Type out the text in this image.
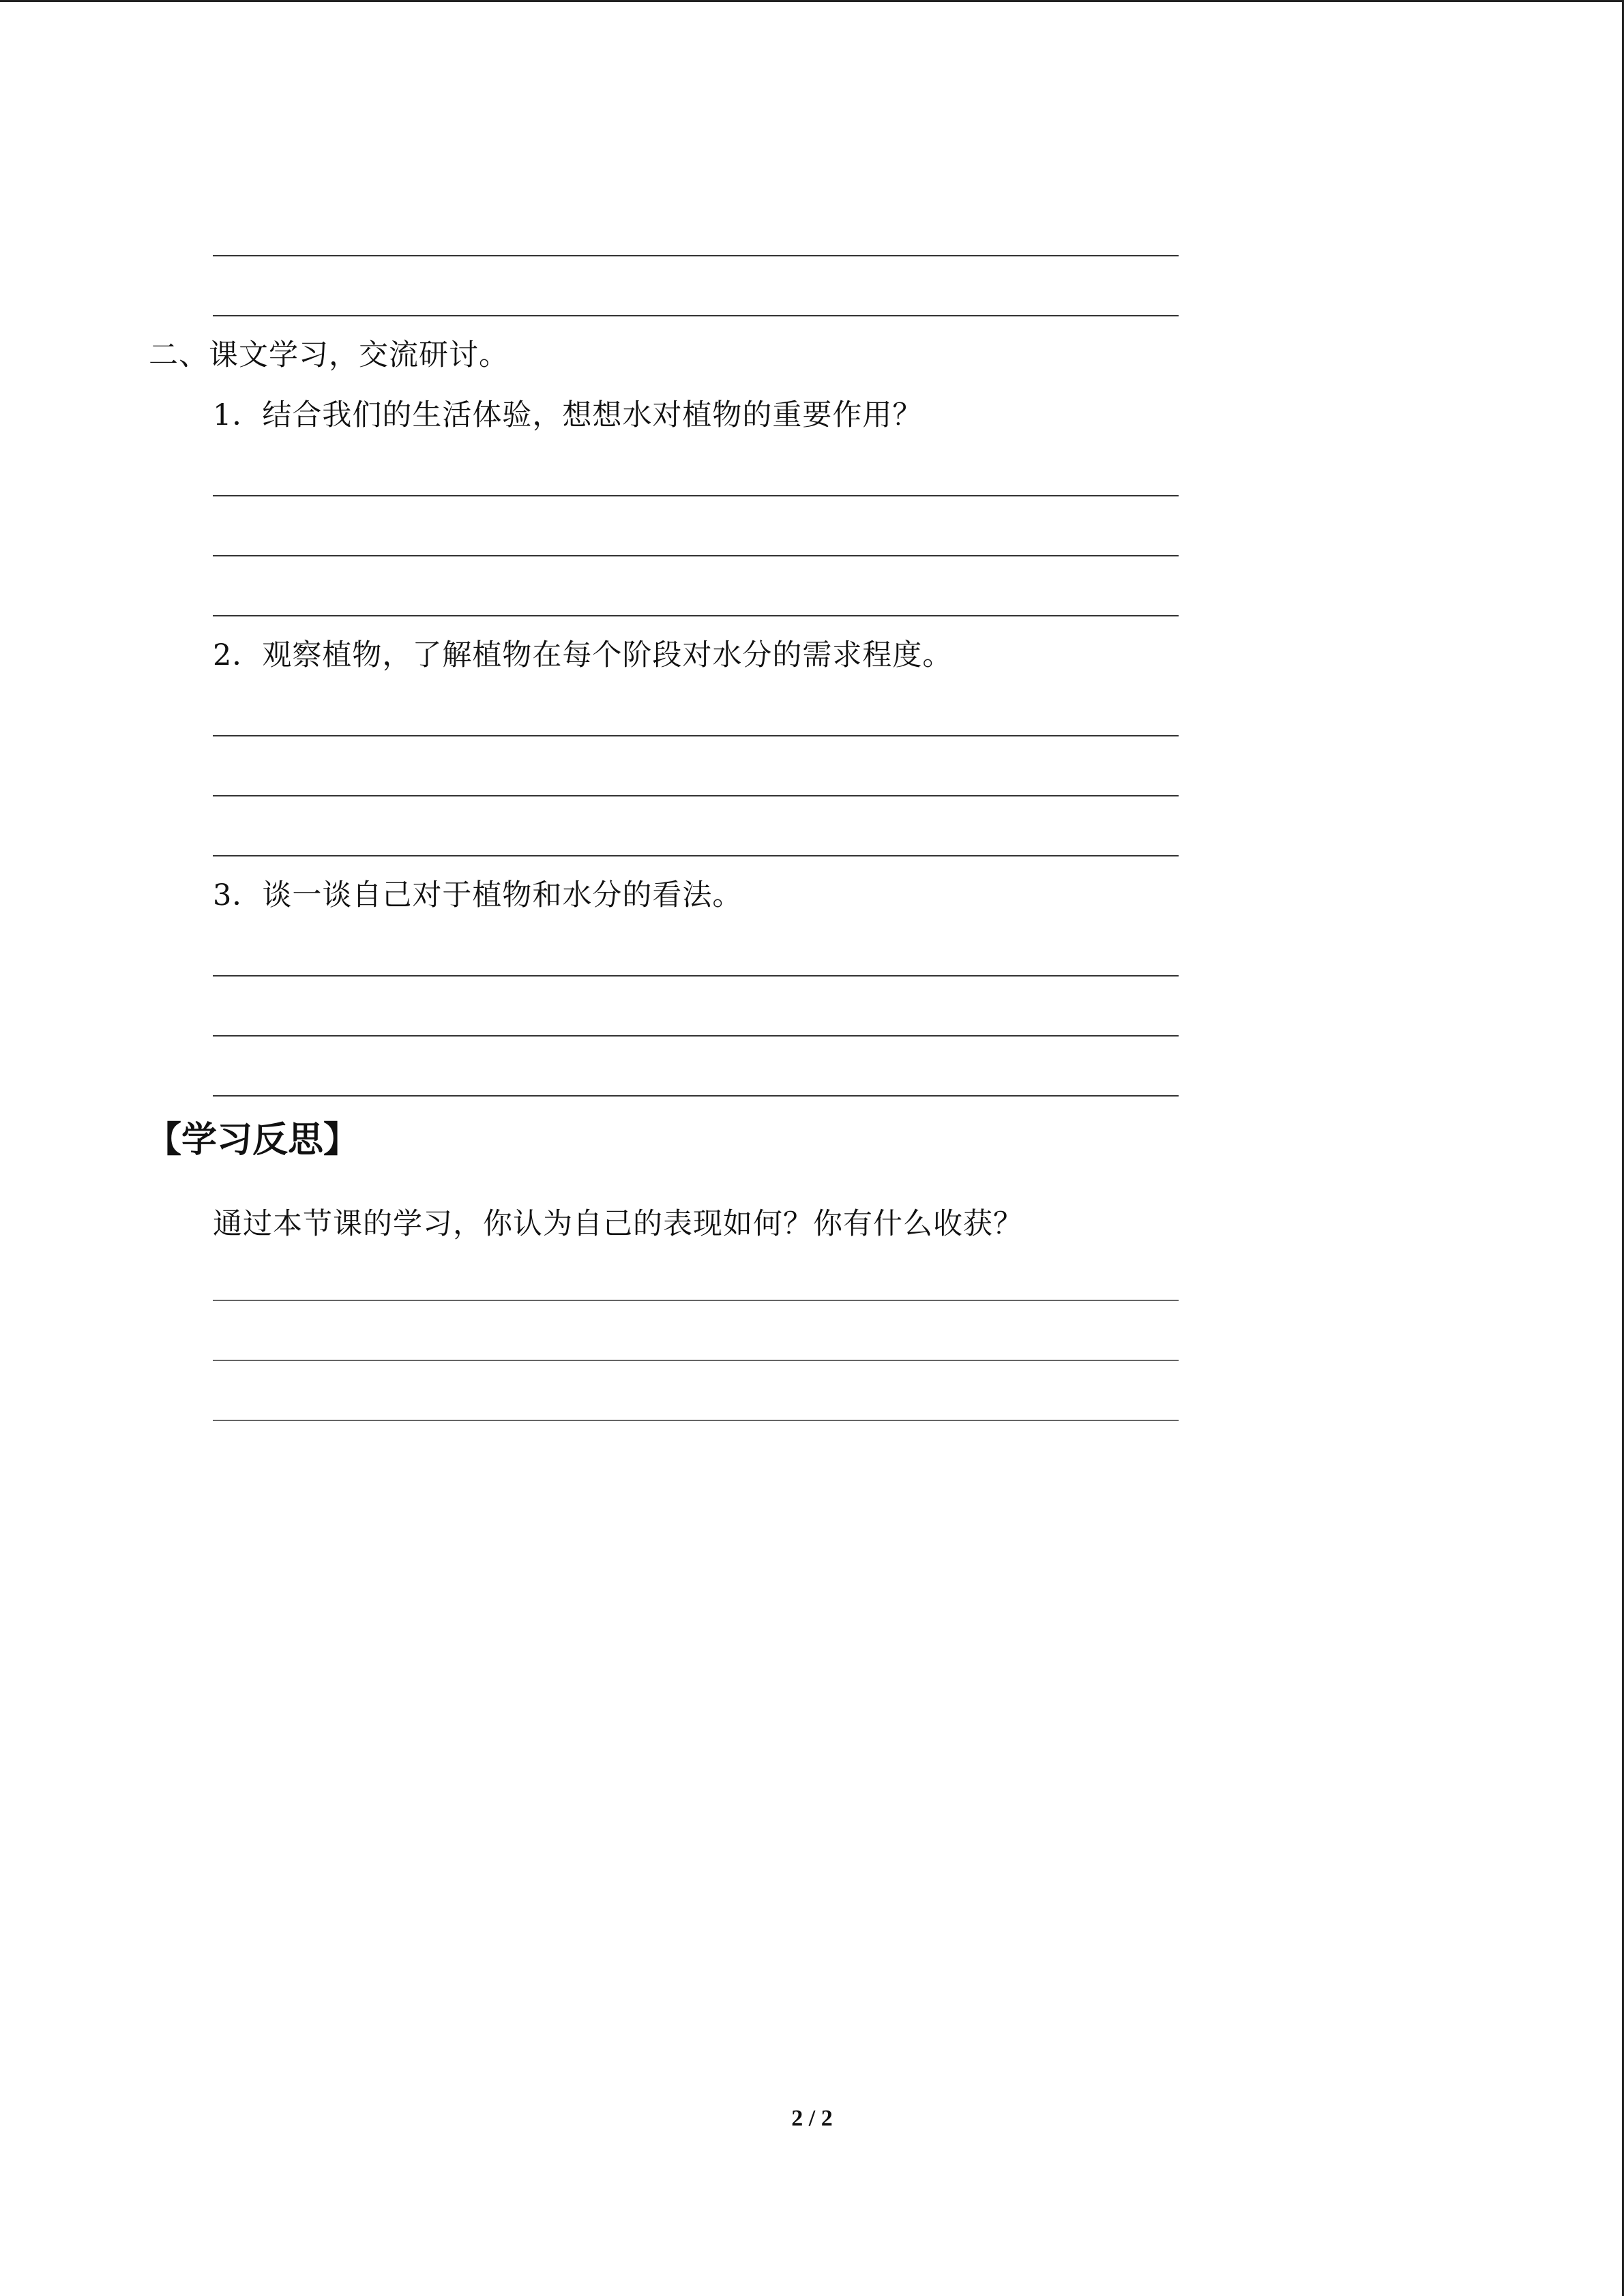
二、课文学习，交流研讨。
1．结合我们的生活体验，想想水对植物的重要作用？
2．观察植物，了解植物在每个阶段对水分的需求程度。
3．谈一谈自己对于植物和水分的看法。
【学习反思】
通过本节课的学习，你认为自己的表现如何？你有什么收获？
2 / 2
